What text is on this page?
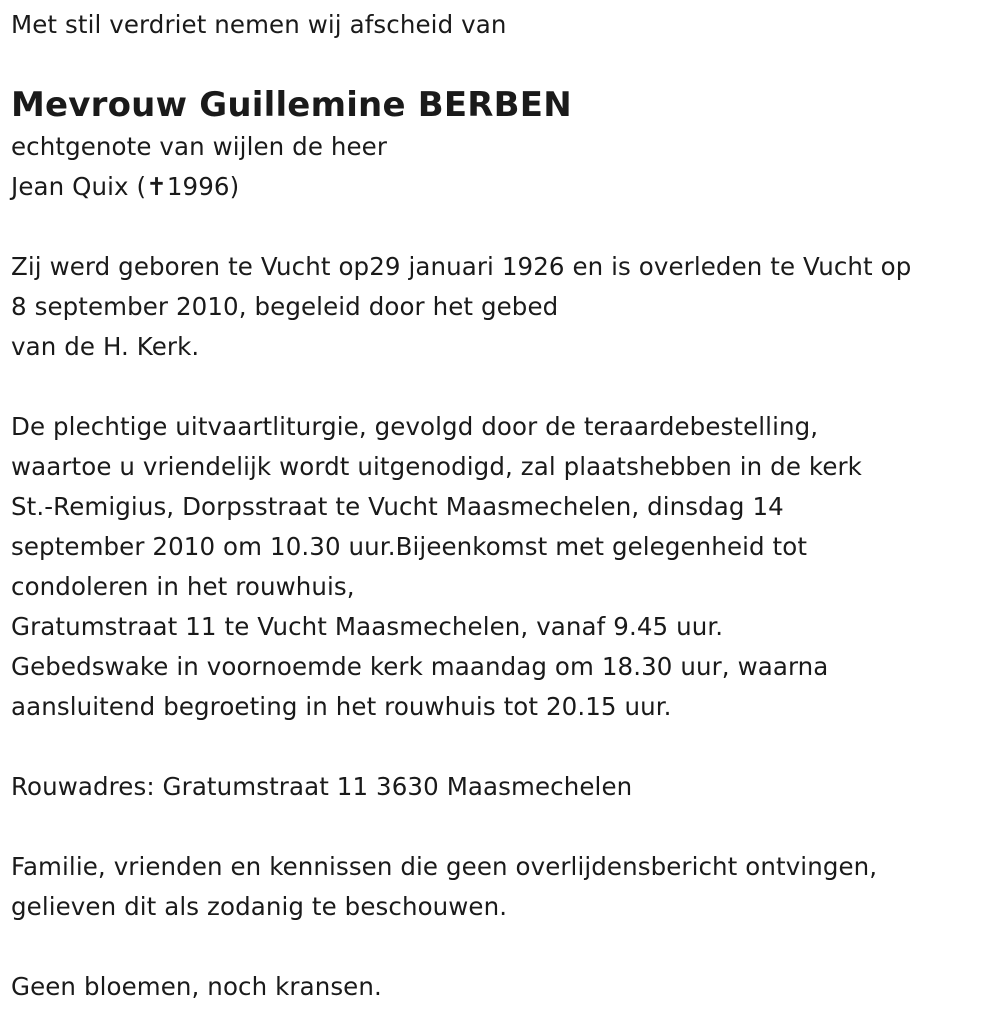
Met stil verdriet nemen wij afscheid van
Mevrouw Guillemine BERBEN
echtgenote van wijlen de heer
Jean Quix (✝1996)
Zij werd geboren te Vucht op29 januari 1926 en is overleden te Vucht op
8 september 2010, begeleid door het gebed
van de H. Kerk.
De plechtige uitvaartliturgie, gevolgd door de teraardebestelling,
waartoe u vriendelijk wordt uitgenodigd, zal plaatshebben in de kerk
St.-Remigius, Dorpsstraat te Vucht Maasmechelen, dinsdag 14
september 2010 om 10.30 uur.Bijeenkomst met gelegenheid tot
condoleren in het rouwhuis,
Gratumstraat 11 te Vucht Maasmechelen, vanaf 9.45 uur.
Gebedswake in voornoemde kerk maandag om 18.30 uur, waarna
aansluitend begroeting in het rouwhuis tot 20.15 uur.
Rouwadres: Gratumstraat 11 3630 Maasmechelen
Familie, vrienden en kennissen die geen overlijdensbericht ontvingen,
gelieven dit als zodanig te beschouwen.
Geen bloemen, noch kransen.
